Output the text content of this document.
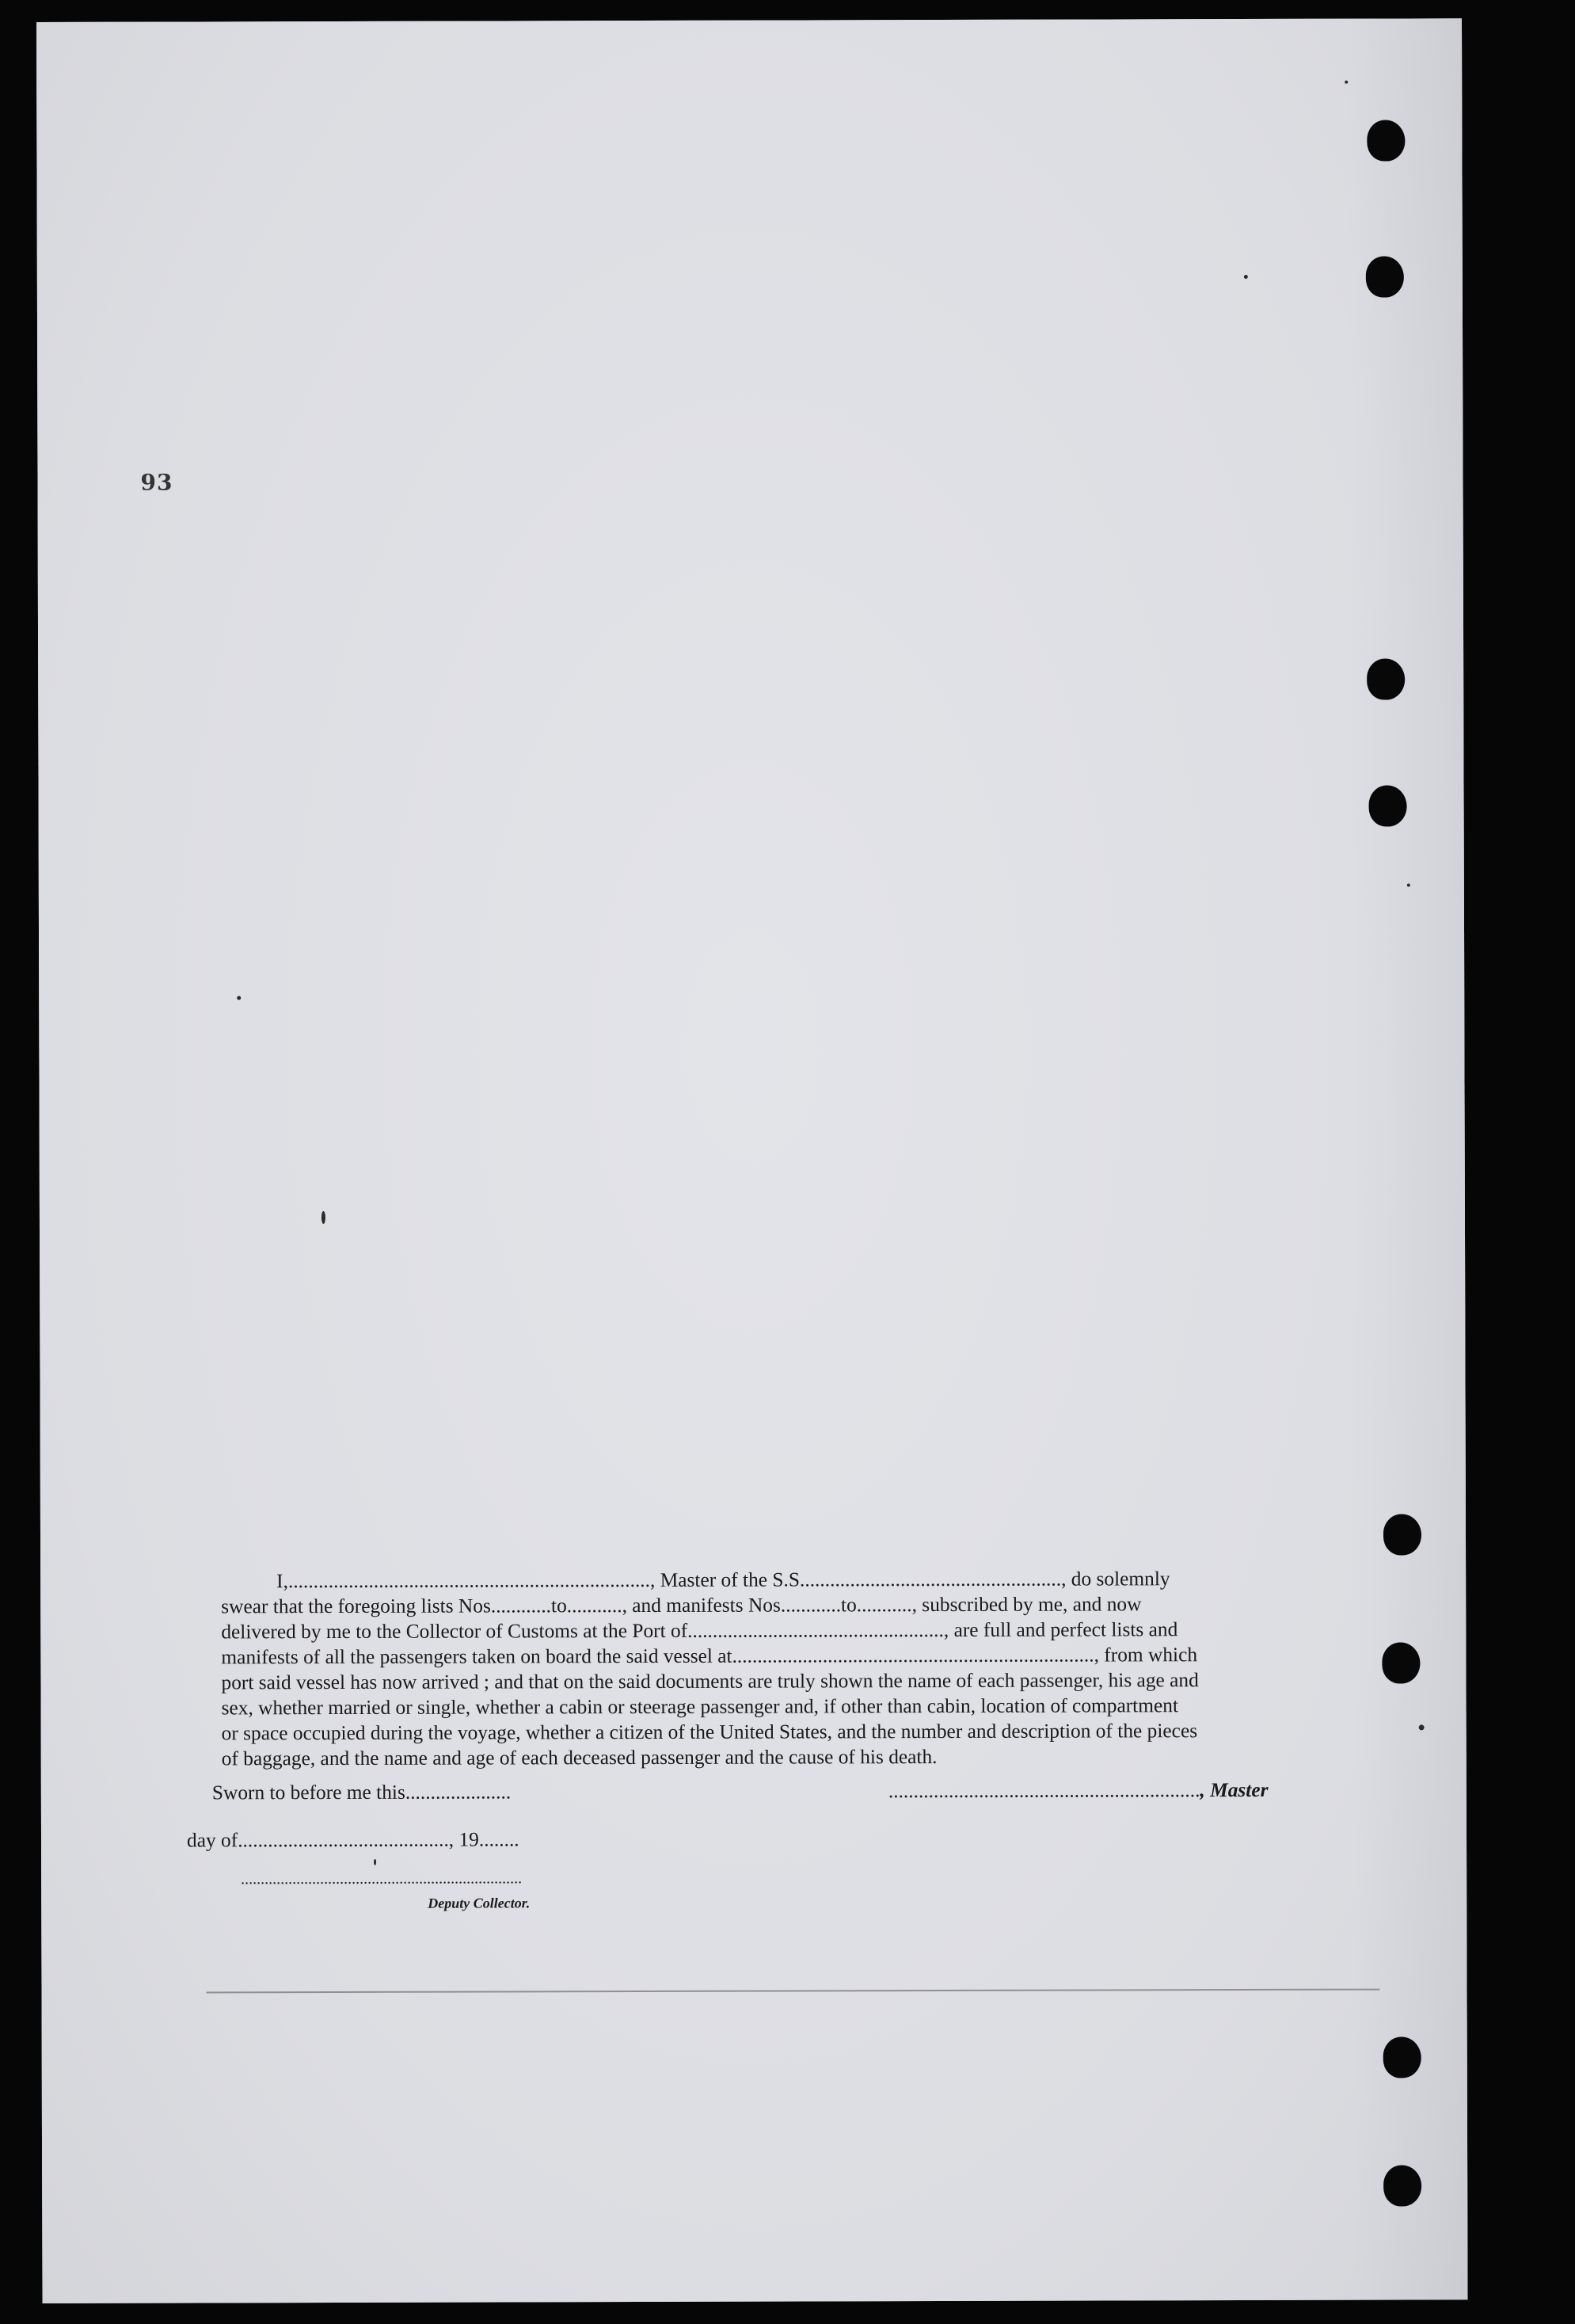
93

I,........................................................................, Master of the S.S...................................................., do solemnly

swear that the foregoing lists Nos............to..........., and manifests Nos............to..........., subscribed by me, and now

delivered by me to the Collector of Customs at the Port of..................................................., are full and perfect lists and

manifests of all the passengers taken on board the said vessel at........................................................................, from which

port said vessel has now arrived ; and that on the said documents are truly shown the name of each passenger, his age and

sex, whether married or single, whether a cabin or steerage passenger and, if other than cabin, location of compartment

or space occupied during the voyage, whether a citizen of the United States, and the number and description of the pieces

of baggage, and the name and age of each deceased passenger and the cause of his death.

Sworn to before me this.....................	.............................................................., Master
day of.........................................., 19........
.......................................................................
Deputy Collector.
